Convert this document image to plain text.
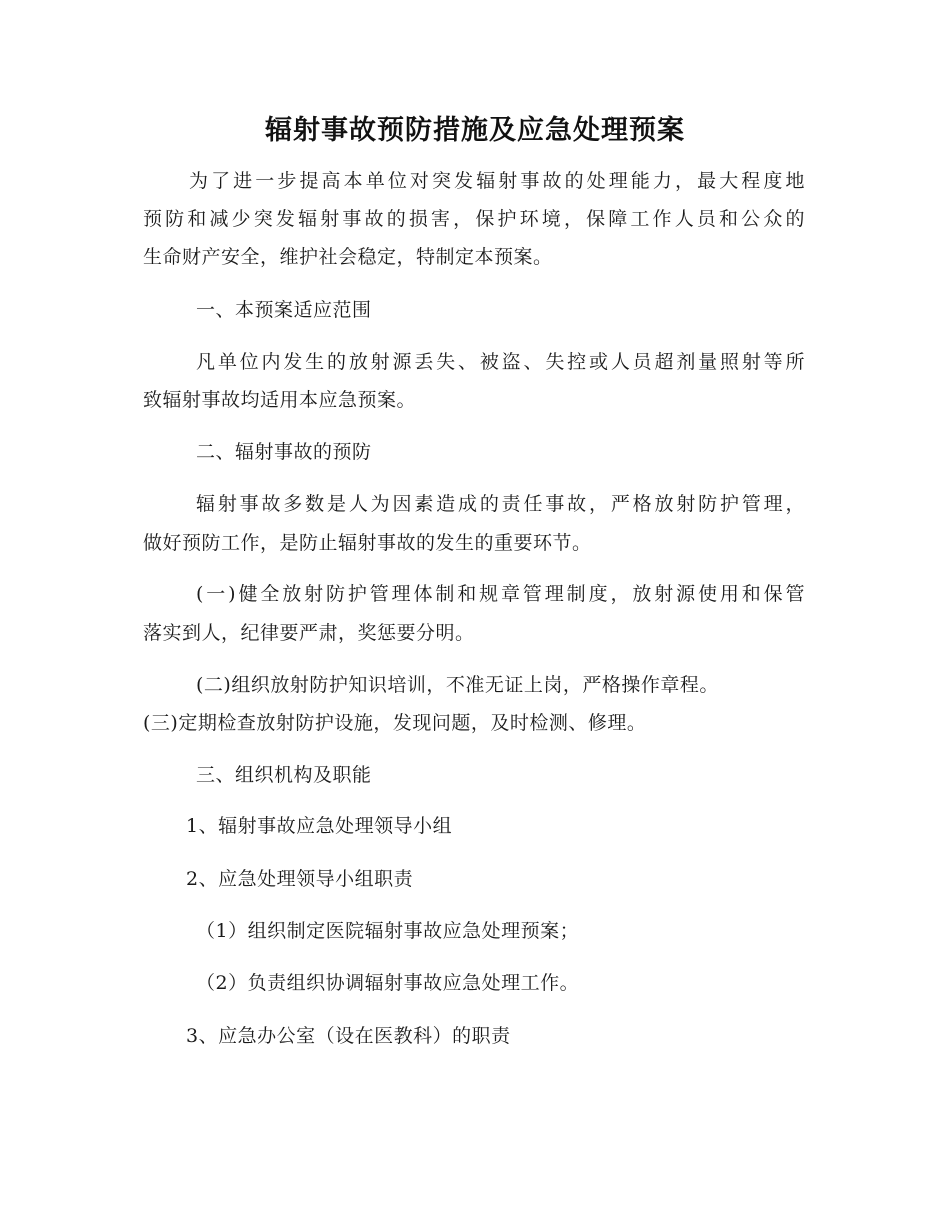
辐射事故预防措施及应急处理预案
为了进一步提高本单位对突发辐射事故的处理能力，最大程度地
预防和减少突发辐射事故的损害，保护环境，保障工作人员和公众的
生命财产安全，维护社会稳定，特制定本预案。
一、本预案适应范围
凡单位内发生的放射源丢失、被盗、失控或人员超剂量照射等所
致辐射事故均适用本应急预案。
二、辐射事故的预防
辐射事故多数是人为因素造成的责任事故，严格放射防护管理，
做好预防工作，是防止辐射事故的发生的重要环节。
(一)健全放射防护管理体制和规章管理制度，放射源使用和保管
落实到人，纪律要严肃，奖惩要分明。
(二)组织放射防护知识培训，不准无证上岗，严格操作章程。
(三)定期检查放射防护设施，发现问题，及时检测、修理。
三、组织机构及职能
1、辐射事故应急处理领导小组
2、应急处理领导小组职责
（1）组织制定医院辐射事故应急处理预案；
（2）负责组织协调辐射事故应急处理工作。
3、应急办公室（设在医教科）的职责
